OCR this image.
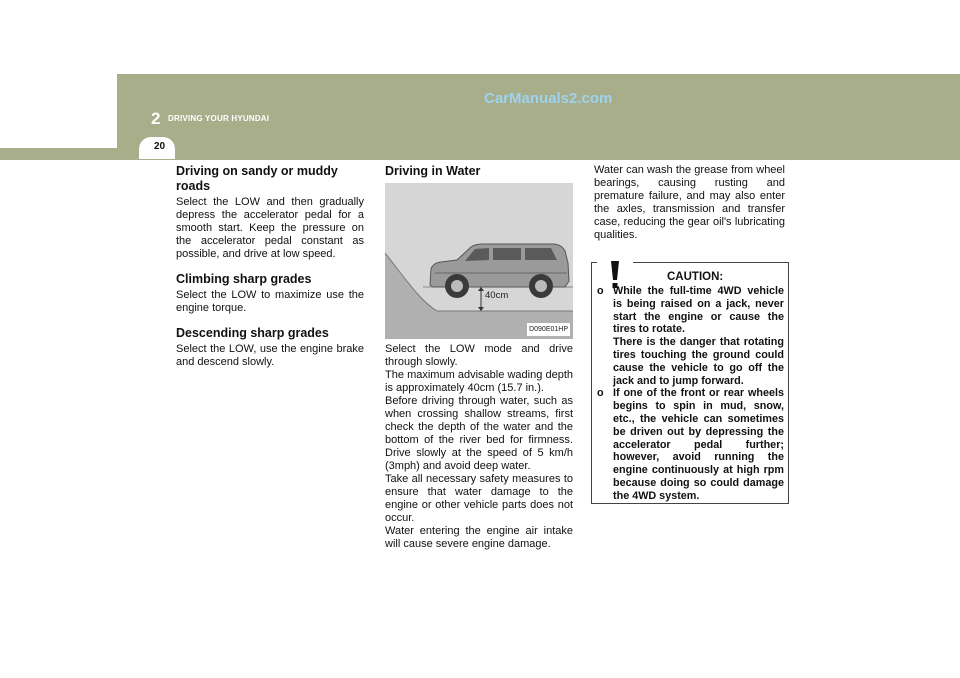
CarManuals2.com
2 DRIVING YOUR HYUNDAI
20
Driving on sandy or muddy roads

Select the LOW and then gradually depress the accelerator pedal for a smooth start. Keep the pressure on the accelerator pedal constant as possible, and drive at low speed.

Climbing sharp grades

Select the LOW to maximize use the engine torque.

Descending sharp grades

Select the LOW, use the engine brake and descend slowly.

Driving in Water
40cm
D090E01HP

Select the LOW mode and drive through slowly.

The maximum advisable wading depth is approximately 40cm (15.7 in.).

Before driving through water, such as when crossing shallow streams, first check the depth of the water and the bottom of the river bed for firmness. Drive slowly at the speed of 5 km/h (3mph) and avoid deep water.

Take all necessary safety measures to ensure that water damage to the engine or other vehicle parts does not occur.

Water entering the engine air intake will cause severe engine damage.

Water can wash the grease from wheel bearings, causing rusting and premature failure, and may also enter the axles, transmission and transfer case, reducing the gear oil's lubricating qualities.

CAUTION:
o While the full-time 4WD vehicle is being raised on a jack, never start the engine or cause the tires to rotate.
There is the danger that rotating tires touching the ground could cause the vehicle to go off the jack and to jump forward.
o If one of the front or rear wheels begins to spin in mud, snow, etc., the vehicle can sometimes be driven out by depressing the accelerator pedal further; however, avoid running the engine continuously at high rpm because doing so could damage the 4WD system.
